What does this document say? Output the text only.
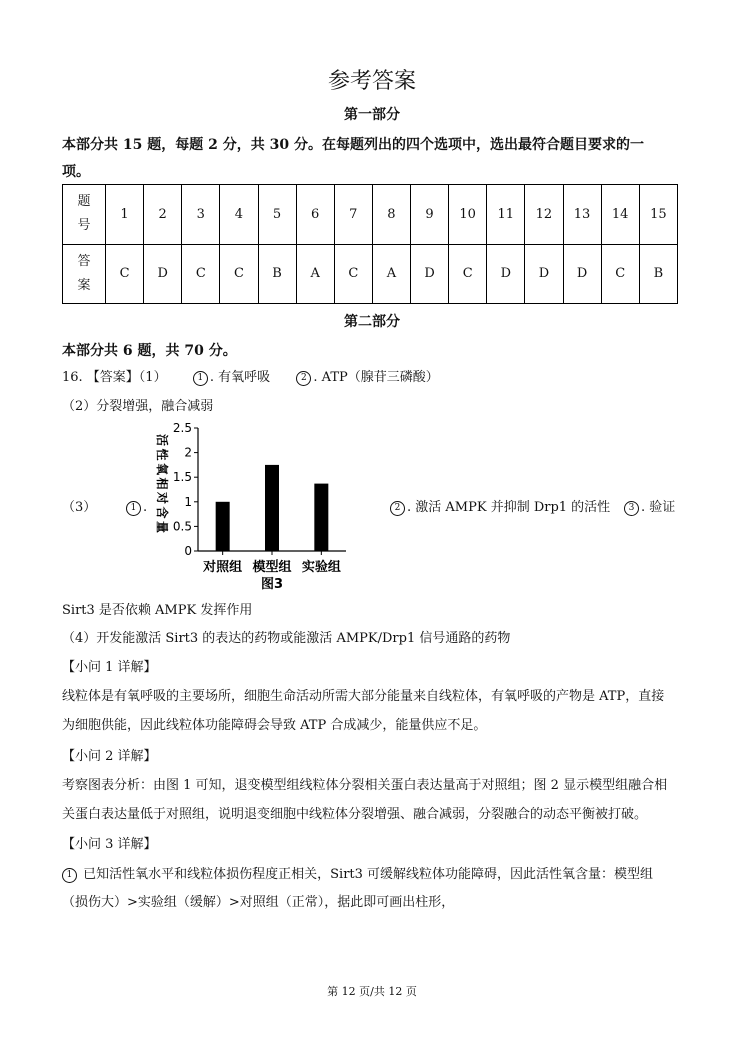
参考答案
第一部分
本部分共 15 题，每题 2 分，共 30 分。在每题列出的四个选项中，选出最符合题目要求的一
项。
题
号	1	2	3	4	5	6	7	8	9	10	11	12	13	14	15
答
案	C	D	C	C	B	A	C	A	D	C	D	D	D	C	B
第二部分
本部分共 6 题，共 70 分。
16. 【答案】（1）	1 . 有氧呼吸	2 . ATP（腺苷三磷酸）
（2）分裂增强，融合减弱
（3）	1 .
0
0.5
1
1.5
2
2.5
活
性
氧
相
对
含
量
对照组 模型组 实验组
图3
2 . 激活 AMPK 并抑制 Drp1 的活性	3 . 验证
Sirt3 是否依赖 AMPK 发挥作用
（4）开发能激活 Sirt3 的表达的药物或能激活 AMPK/Drp1 信号通路的药物
【小问 1 详解】
线粒体是有氧呼吸的主要场所，细胞生命活动所需大部分能量来自线粒体，有氧呼吸的产物是 ATP，直接
为细胞供能，因此线粒体功能障碍会导致 ATP 合成减少，能量供应不足。
【小问 2 详解】
考察图表分析：由图 1 可知，退变模型组线粒体分裂相关蛋白表达量高于对照组；图 2 显示模型组融合相
关蛋白表达量低于对照组，说明退变细胞中线粒体分裂增强、融合减弱，分裂融合的动态平衡被打破。
【小问 3 详解】
1 已知活性氧水平和线粒体损伤程度正相关，Sirt3 可缓解线粒体功能障碍，因此活性氧含量：模型组
（损伤大）>实验组（缓解）>对照组（正常），据此即可画出柱形，
第 12 页/共 12 页
